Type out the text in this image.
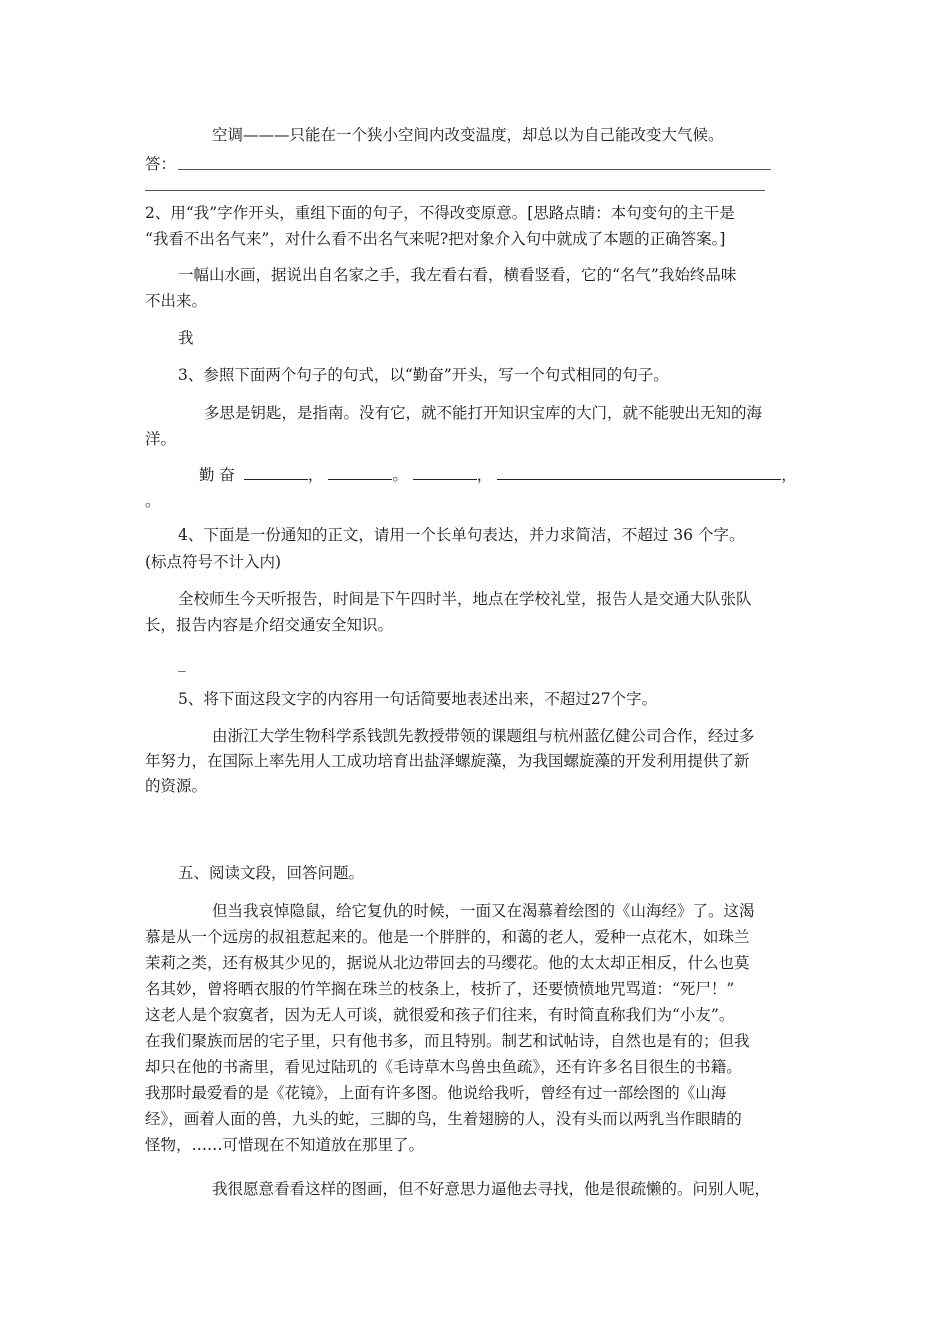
空调———只能在一个狭小空间内改变温度，却总以为自己能改变大气候。
答：
2、用“我”字作开头，重组下面的句子，不得改变原意。[思路点睛：本句变句的主干是
“我看不出名气来”，对什么看不出名气来呢?把对象介入句中就成了本题的正确答案。]
一幅山水画，据说出自名家之手，我左看右看，横看竖看，它的“名气”我始终品味
不出来。
我
3、参照下面两个句子的句式，以“勤奋”开头，写一个句式相同的句子。
多思是钥匙，是指南。没有它，就不能打开知识宝库的大门，就不能驶出无知的海
洋。
勤 奋	，	。	，	，
。
4、下面是一份通知的正文，请用一个长单句表达，并力求简洁，不超过 36 个字。
(标点符号不计入内)
全校师生今天听报告，时间是下午四时半，地点在学校礼堂，报告人是交通大队张队
长，报告内容是介绍交通安全知识。
_
5、将下面这段文字的内容用一句话简要地表述出来，不超过27个字。
由浙江大学生物科学系钱凯先教授带领的课题组与杭州蓝亿健公司合作，经过多
年努力，在国际上率先用人工成功培育出盐泽螺旋藻，为我国螺旋藻的开发利用提供了新
的资源。
五、阅读文段，回答问题。
但当我哀悼隐鼠，给它复仇的时候，一面又在渴慕着绘图的《山海经》了。这渴
慕是从一个远房的叔祖惹起来的。他是一个胖胖的，和蔼的老人，爱种一点花木，如珠兰
茉莉之类，还有极其少见的，据说从北边带回去的马缨花。他的太太却正相反，什么也莫
名其妙，曾将晒衣服的竹竿搁在珠兰的枝条上，枝折了，还要愤愤地咒骂道：“死尸！”
这老人是个寂寞者，因为无人可谈，就很爱和孩子们往来，有时简直称我们为“小友”。
在我们聚族而居的宅子里，只有他书多，而且特别。制艺和试帖诗，自然也是有的；但我
却只在他的书斋里，看见过陆玑的《毛诗草木鸟兽虫鱼疏》，还有许多名目很生的书籍。
我那时最爱看的是《花镜》，上面有许多图。他说给我听，曾经有过一部绘图的《山海
经》，画着人面的兽，九头的蛇，三脚的鸟，生着翅膀的人，没有头而以两乳当作眼睛的
怪物，……可惜现在不知道放在那里了。
我很愿意看看这样的图画，但不好意思力逼他去寻找，他是很疏懒的。问别人呢，
